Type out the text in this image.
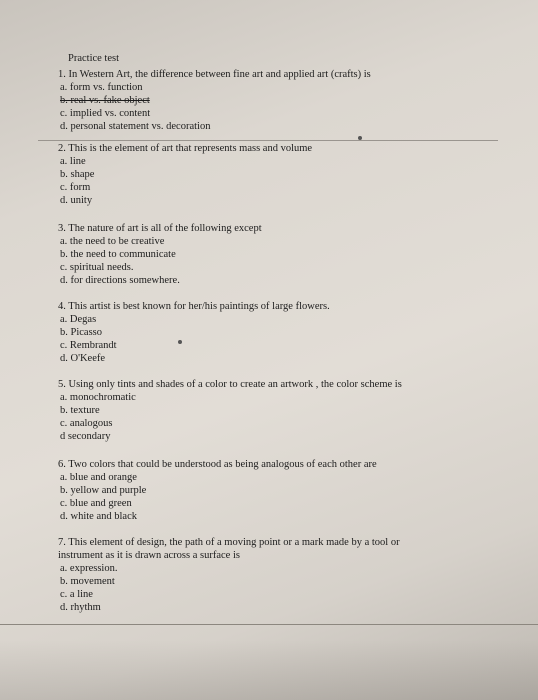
Practice test
1. In Western Art, the difference between fine art and applied art (crafts) is
a. form vs. function
b. real vs. fake object
c. implied vs. content
d. personal statement vs. decoration
2. This is the element of art that represents mass and volume
a. line
b. shape
c. form
d. unity
3. The nature of art is all of the following except
a. the need to be creative
b. the need to communicate
c. spiritual needs.
d. for directions somewhere.
4. This artist is best known for her/his paintings of large flowers.
a. Degas
b. Picasso
c. Rembrandt
d. O'Keefe
5. Using only tints and shades of a color to create an artwork , the color scheme is
a. monochromatic
b. texture
c. analogous
d secondary
6. Two colors that could be understood as being analogous of each other are
a. blue and orange
b. yellow and purple
c. blue and green
d. white and black
7. This element of design, the path of a moving point or a mark made by a tool or
instrument as it is drawn across a surface is
a. expression.
b. movement
c. a line
d. rhythm
